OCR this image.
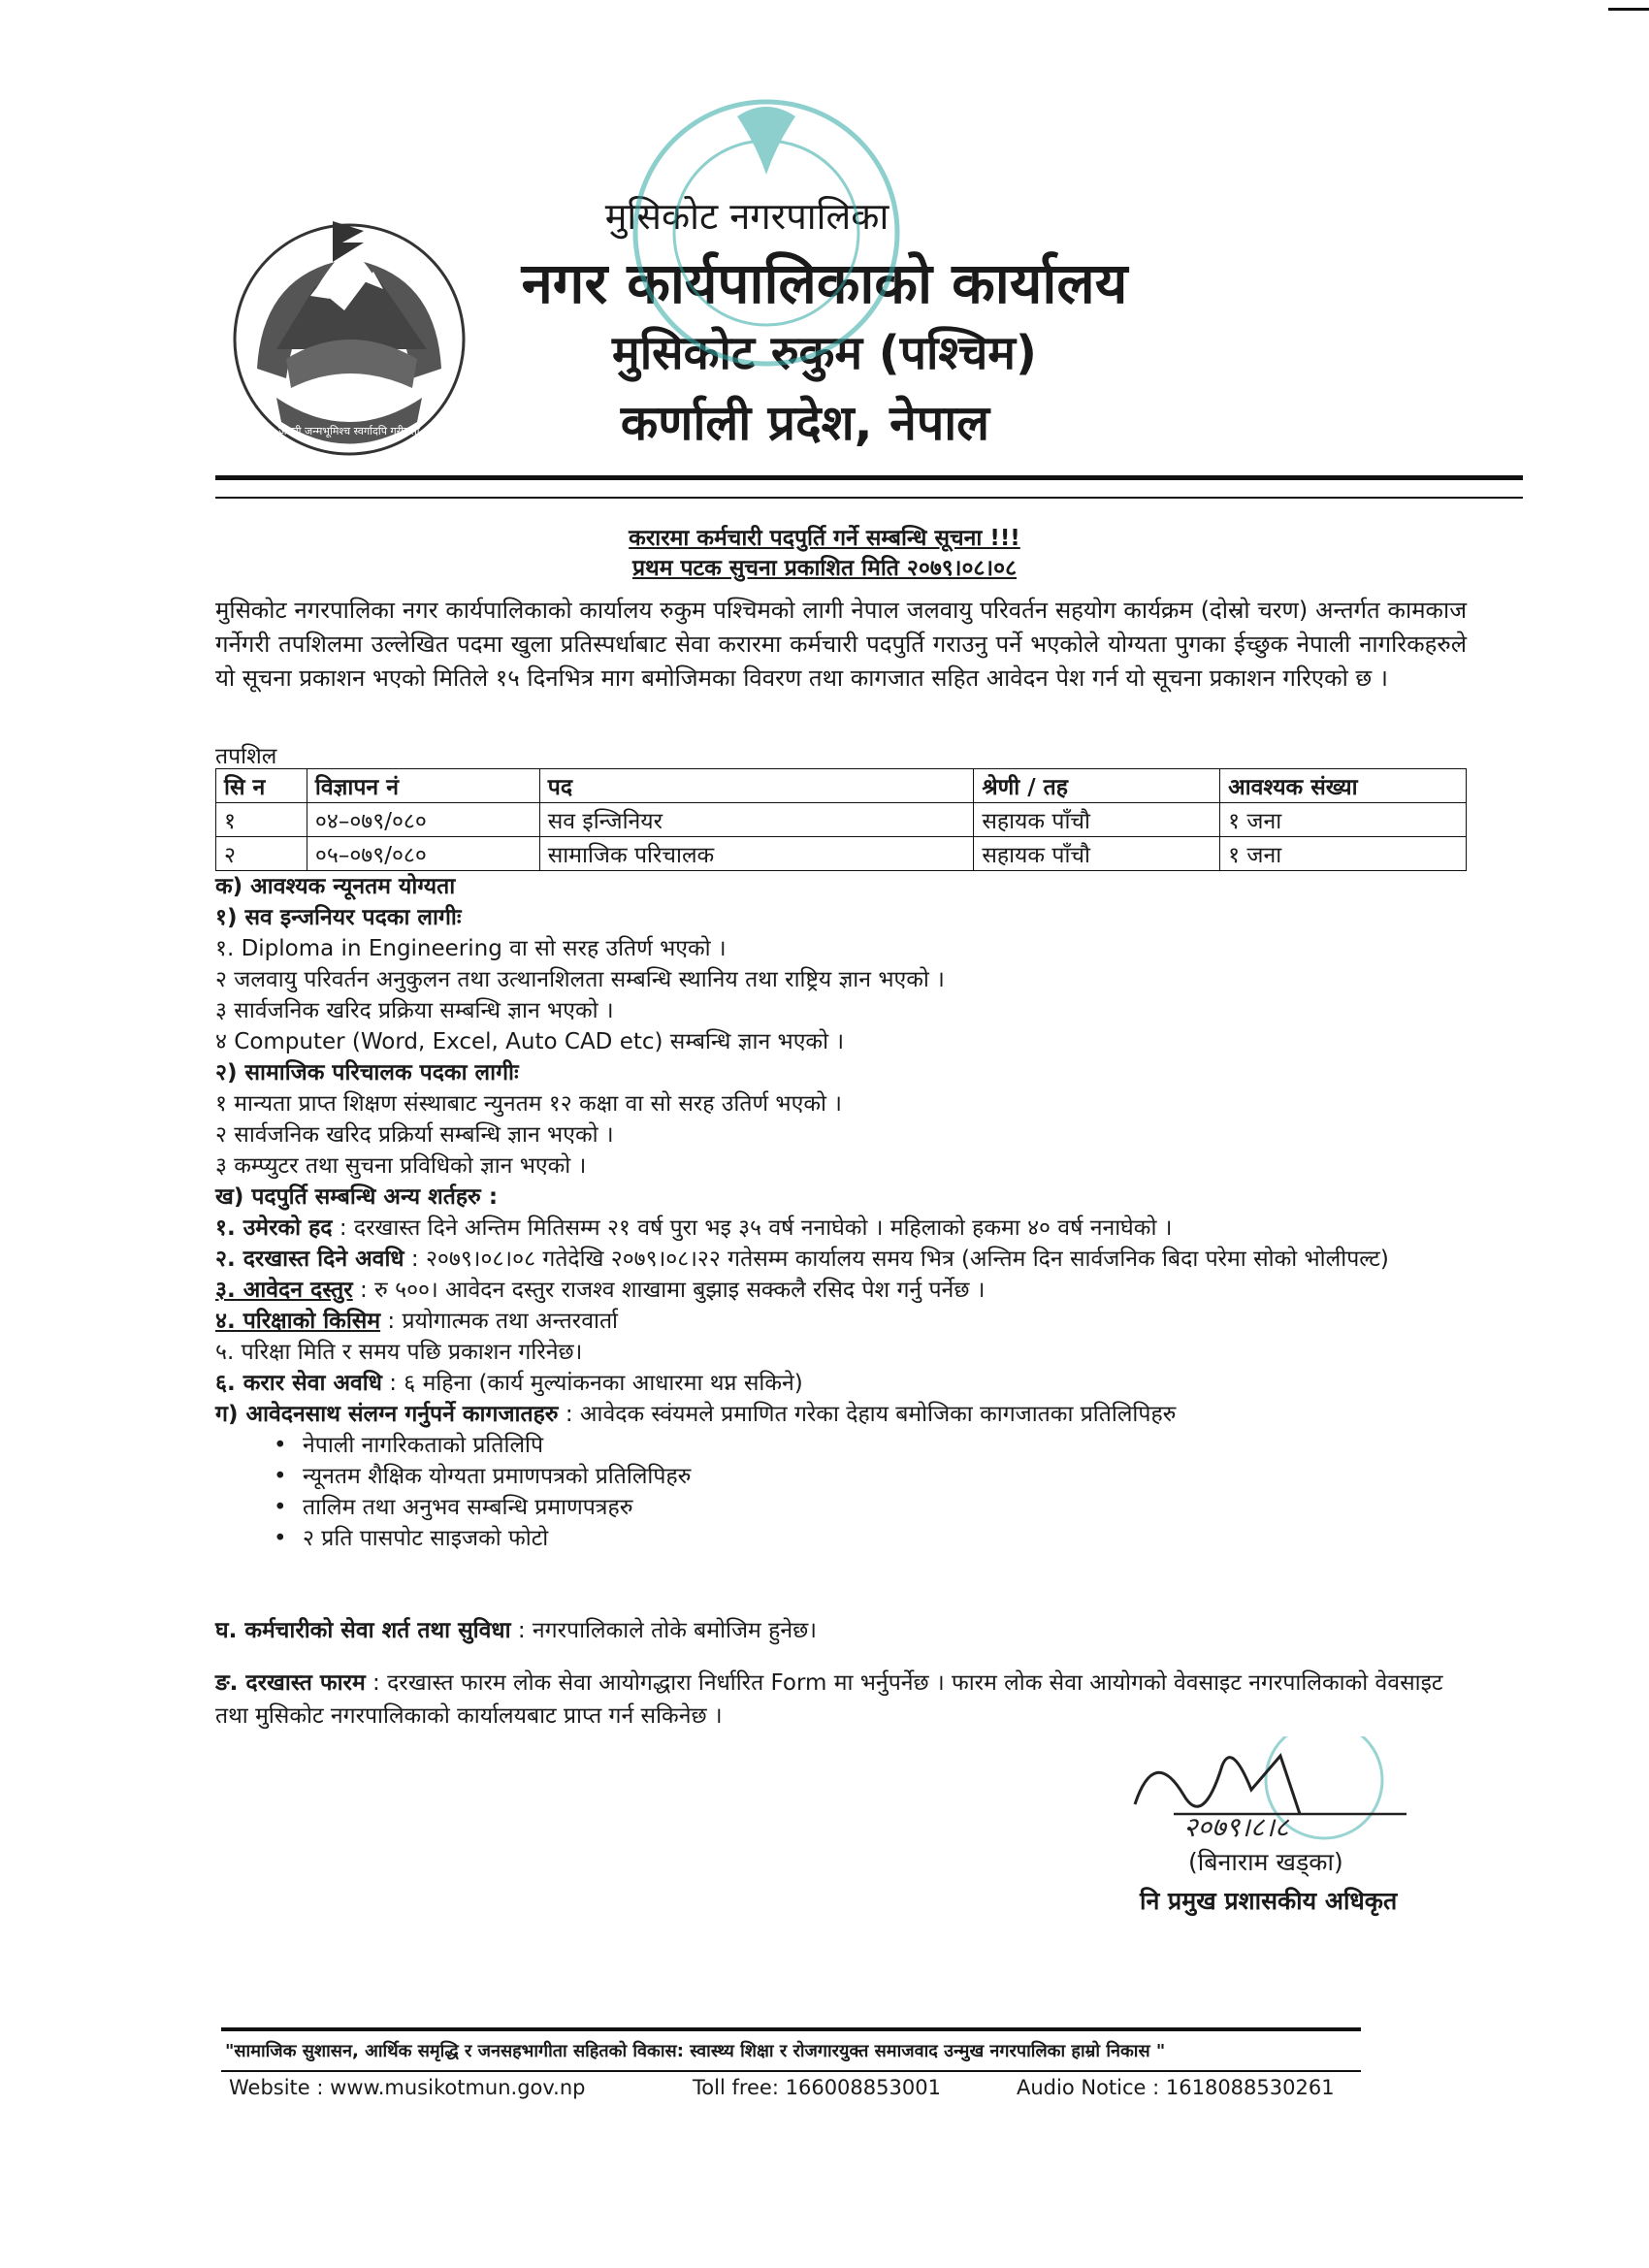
जननी जन्मभूमिश्च स्वर्गादपि गरीयसी
मुसिकोट नगरपालिका
नगर कार्यपालिकाको कार्यालय
मुसिकोट रुकुम (पश्चिम)
कर्णाली प्रदेश, नेपाल
करारमा कर्मचारी पदपुर्ति गर्ने सम्बन्धि सूचना !!!
प्रथम पटक सुचना प्रकाशित मिति २०७९।०८।०८
मुसिकोट नगरपालिका नगर कार्यपालिकाको कार्यालय रुकुम पश्चिमको लागी नेपाल जलवायु परिवर्तन सहयोग कार्यक्रम (दोस्रो चरण) अन्तर्गत कामकाज गर्नेगरी तपशिलमा उल्लेखित पदमा खुला प्रतिस्पर्धाबाट सेवा करारमा कर्मचारी पदपुर्ति गराउनु पर्ने भएकोले योग्यता पुगका ईच्छुक नेपाली नागरिकहरुले यो सूचना प्रकाशन भएको मितिले १५ दिनभित्र माग बमोजिमका विवरण तथा कागजात सहित आवेदन पेश गर्न यो सूचना प्रकाशन गरिएको छ ।
तपशिल
सि न	विज्ञापन नं	पद	श्रेणी / तह	आवश्यक संख्या
१	०४–०७९/०८०	सव इन्जिनियर	सहायक पाँचौ	१ जना
२	०५–०७९/०८०	सामाजिक परिचालक	सहायक पाँचौ	१ जना
क) आवश्यक न्यूनतम योग्यता
१) सव इन्जनियर पदका लागीः
१. Diploma in Engineering वा सो सरह उतिर्ण भएको ।
२ जलवायु परिवर्तन अनुकुलन तथा उत्थानशिलता सम्बन्धि स्थानिय तथा राष्ट्रिय ज्ञान भएको ।
३ सार्वजनिक खरिद प्रक्रिया सम्बन्धि ज्ञान भएको ।
४ Computer (Word, Excel, Auto CAD etc) सम्बन्धि ज्ञान भएको ।
२) सामाजिक परिचालक पदका लागीः
१ मान्यता प्राप्त शिक्षण संस्थाबाट न्युनतम १२ कक्षा वा सो सरह उतिर्ण भएको ।
२ सार्वजनिक खरिद प्रक्रिर्या सम्बन्धि ज्ञान भएको ।
३ कम्प्युटर तथा सुचना प्रविधिको ज्ञान भएको ।
ख) पदपुर्ति सम्बन्धि अन्य शर्तहरु :
१. उमेरको हद : दरखास्त दिने अन्तिम मितिसम्म २१ वर्ष पुरा भइ ३५ वर्ष ननाघेको । महिलाको हकमा ४० वर्ष ननाघेको ।
२. दरखास्त दिने अवधि : २०७९।०८।०८ गतेदेखि २०७९।०८।२२ गतेसम्म कार्यालय समय भित्र (अन्तिम दिन सार्वजनिक बिदा परेमा सोको भोलीपल्ट)
३. आवेदन दस्तुर : रु ५००। आवेदन दस्तुर राजश्व शाखामा बुझाइ सक्कलै रसिद पेश गर्नु पर्नेछ ।
४. परिक्षाको किसिम : प्रयोगात्मक तथा अन्तरवार्ता
५. परिक्षा मिति र समय पछि प्रकाशन गरिनेछ।
६. करार सेवा अवधि : ६ महिना (कार्य मुल्यांकनका आधारमा थप्न सकिने)
ग) आवेदनसाथ संलग्न गर्नुपर्ने कागजातहरु : आवेदक स्वंयमले प्रमाणित गरेका देहाय बमोजिका कागजातका प्रतिलिपिहरु
• नेपाली नागरिकताको प्रतिलिपि
• न्यूनतम शैक्षिक योग्यता प्रमाणपत्रको प्रतिलिपिहरु
• तालिम तथा अनुभव सम्बन्धि प्रमाणपत्रहरु
• २ प्रति पासपोट साइजको फोटो
घ. कर्मचारीको सेवा शर्त तथा सुविधा : नगरपालिकाले तोके बमोजिम हुनेछ।
ङ. दरखास्त फारम : दरखास्त फारम लोक सेवा आयोगद्धारा निर्धारित Form मा भर्नुपर्नेछ । फारम लोक सेवा आयोगको वेवसाइट नगरपालिकाको वेवसाइट तथा मुसिकोट नगरपालिकाको कार्यालयबाट प्राप्त गर्न सकिनेछ ।
२०७९।८।८
(बिनाराम खड्का)
नि प्रमुख प्रशासकीय अधिकृत
"सामाजिक सुशासन, आर्थिक समृद्धि र जनसहभागीता सहितको विकास: स्वास्थ्य शिक्षा र रोजगारयुक्त समाजवाद उन्मुख नगरपालिका हाम्रो निकास "
Website : www.musikotmun.gov.np	Toll free: 166008853001	Audio Notice : 1618088530261
